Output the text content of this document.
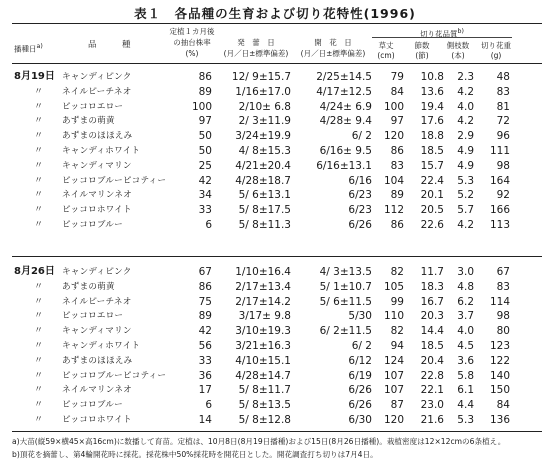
表１　各品種の生育および切り花特性(1996)
播種日$^{a)}$	品　　　種
定植１カ月後
の抽台株率
(%)
発　蕾　日
(月／日±標準偏差)
開　花　日
(月／日±標準偏差)
切り花品質$^{b)}$
草丈
(cm)
節数
(節)
側枝数
(本)
切り花重
(g)
8月19日 キャンディピンク	86	12/ 9±15.7	2/25±14.5	79	10.8	2.3	48
〃 ネイルピーチネオ	89	1/16±17.0	4/17±12.5	84	13.6	4.2	83
〃 ピッコロエロー	100	2/10± 6.8	4/24± 6.9	100	19.4	4.0	81
〃 あずまの萌黄	97	2/ 3±11.9	4/28± 9.4	97	17.6	4.2	72
〃 あずまのほほえみ	50	3/24±19.9	6/ 2	120	18.8	2.9	96
〃 キャンディホワイト	50	4/ 8±15.3	6/16± 9.5	86	18.5	4.9	111
〃 キャンディマリン	25	4/21±20.4	6/16±13.1	83	15.7	4.9	98
〃 ピッコロブルーピコティー	42	4/28±18.7	6/16	104	22.4	5.3	164
〃 ネイルマリンネオ	34	5/ 6±13.1	6/23	89	20.1	5.2	92
〃 ピッコロホワイト	33	5/ 8±17.5	6/23	112	20.5	5.7	166
〃 ピッコロブルー	6	5/ 8±11.3	6/26	86	22.6	4.2	113
8月26日 キャンディピンク	67	1/10±16.4	4/ 3±13.5	82	11.7	3.0	67
〃 あずまの萌黄	86	2/17±13.4	5/ 1±10.7	105	18.3	4.8	83
〃 ネイルピーチネオ	75	2/17±14.2	5/ 6±11.5	99	16.7	6.2	114
〃 ピッコロエロー	89	3/17± 9.8	5/30	110	20.3	3.7	98
〃 キャンディマリン	42	3/10±19.3	6/ 2±11.5	82	14.4	4.0	80
〃 キャンディホワイト	56	3/21±16.3	6/ 2	94	18.5	4.5	123
〃 あずまのほほえみ	33	4/10±15.1	6/12	124	20.4	3.6	122
〃 ピッコロブルーピコティー	36	4/28±14.7	6/19	107	22.8	5.8	140
〃 ネイルマリンネオ	17	5/ 8±11.7	6/26	107	22.1	6.1	150
〃 ピッコロブルー	6	5/ 8±13.5	6/26	87	23.0	4.4	84
〃 ピッコロホワイト	14	5/ 8±12.8	6/30	120	21.6	5.3	136
a)大苗(縦59×横45×高16cm)に数播して育苗。定植は、10月8日(8月19日播種)および15日(8月26日播種)。栽植密度は12×12cmの6条植え。
b)頂花を摘蕾し、第4輪開花時に採花。採花株中50%採花時を開花日とした。開花調査打ち切りは7月4日。
